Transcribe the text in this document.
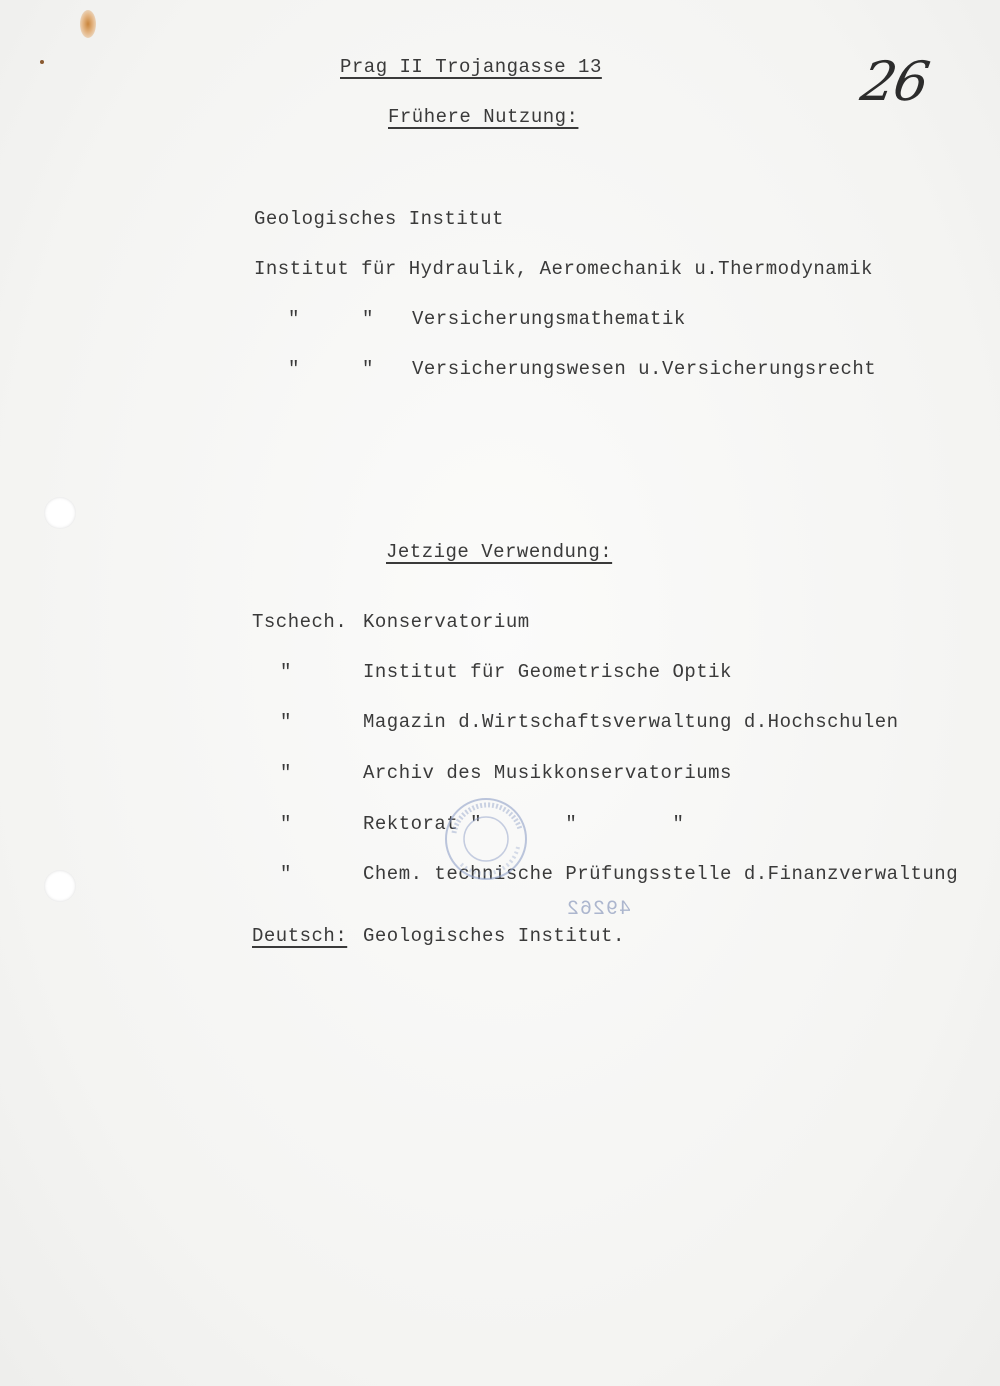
Prag II Trojangasse 13	26
Frühere Nutzung:
Geologisches Institut
Institut für Hydraulik, Aeromechanik u.Thermodynamik
"	" Versicherungsmathematik
"	" Versicherungswesen u.Versicherungsrecht
Jetzige Verwendung:
Tschech. Konservatorium
"	Institut für Geometrische Optik
"	Magazin d.Wirtschaftsverwaltung d.Hochschulen
"	Archiv des Musikkonservatoriums
"	Rektorat "       "        "
"	Chem. technische Prüfungsstelle d.Finanzverwaltung
Deutsch: Geologisches Institut.
49262
